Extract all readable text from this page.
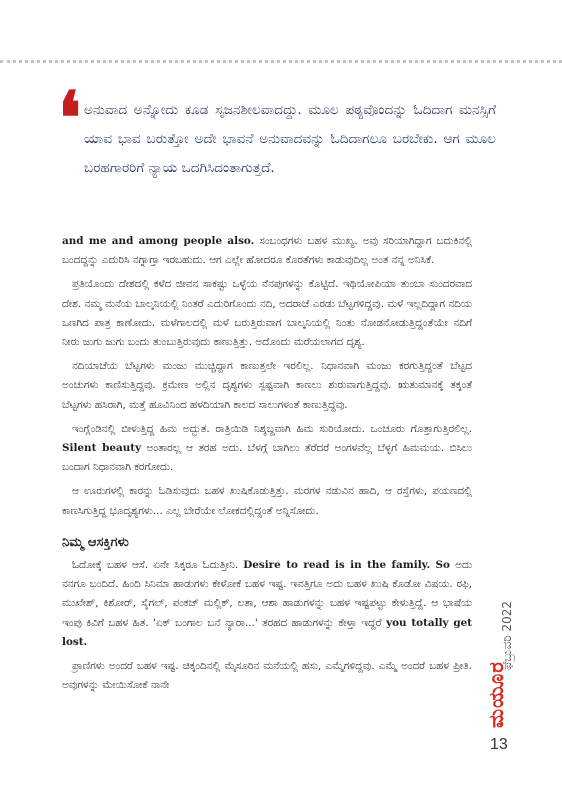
❛ ಅನುವಾದ ಅನ್ನೋದು ಕೂಡ ಸೃಜನಶೀಲವಾದದ್ದು. ಮೂಲ ಪಠ್ಯವೊಂದನ್ನು ಓದಿದಾಗ ಮನಸ್ಸಿಗೆ ಯಾವ ಭಾವ ಬರುತ್ತೋ ಅದೇ ಭಾವನೆ ಅನುವಾದವನ್ನು ಓದಿದಾಗಲೂ ಬರಬೇಕು. ಆಗ ಮೂಲ ಬರಹಗಾರರಿಗೆ ನ್ಯಾಯ ಒದಗಿಸಿದಂತಾಗುತ್ತದೆ.

and me and among people also. ಸಂಬಂಧಗಳು ಬಹಳ ಮುಖ್ಯ. ಅವು ಸರಿಯಾಗಿದ್ದಾಗ ಬದುಕಿನಲ್ಲಿ ಬಂದದ್ದನ್ನು ಎದುರಿಸಿ ನಗ್ನಾಗ್ತಾ ಇರಬಹುದು. ಆಗ ಎಲ್ಲೇ ಹೋದರೂ ಕೊರತೆಗಳು ಕಾಡುವುದಿಲ್ಲ ಅಂತ ನನ್ನ ಅನಿಸಿಕೆ.

ಪ್ರತಿಯೊಂದು ದೇಶದಲ್ಲಿ ಕಳೆದ ಜೀವನ ಸಾಕಷ್ಟು ಒಳ್ಳೆಯ ನೆನಪುಗಳನ್ನು ಕೊಟ್ಟಿದೆ. ಇಥಿಯೋಪಿಯಾ ತುಂಬಾ ಸುಂದರವಾದ ದೇಶ. ನಮ್ಮ ಮನೆಯ ಬಾಲ್ಕನಿಯಲ್ಲಿ ನಿಂತರೆ ಎದುರಿಗೊಂದು ನದಿ, ಅದರಾಚೆ ಎರಡು ಬೆಟ್ಟಗಳಿದ್ದವು. ಮಳೆ ಇಲ್ಲದಿದ್ದಾಗ ನದಿಯ ಒಣಗಿದ ಪಾತ್ರ ಕಾಣೋದು. ಮಳೆಗಾಲದಲ್ಲಿ ಮಳೆ ಬರುತ್ತಿರುವಾಗ ಬಾಲ್ಕನಿಯಲ್ಲಿ ನಿಂತು ನೋಡನೋಡುತ್ತಿದ್ದಂತೆಯೇ ನದಿಗೆ ನೀರು ಜುಗು ಜುಗು ಬಂದು ತುಂಬುತ್ತಿರುವುದು ಕಾಣುತ್ತಿತ್ತು. ಅದೊಂದು ಮರೆಯಲಾಗದ ದೃಶ್ಯ.

ನದಿಯಾಚೆಯ ಬೆಟ್ಟಗಳು ಮಂಜು ಮುಚ್ಚಿದ್ದಾಗ ಕಾಣುತ್ತಲೇ ಇರಲಿಲ್ಲ. ನಿಧಾನವಾಗಿ ಮಂಜು ಕರಗುತ್ತಿದ್ದಂತೆ ಬೆಟ್ಟದ ಅಂಚುಗಳು ಕಾಣಿಸುತ್ತಿದ್ದವು. ಕ್ರಮೇಣ ಅಲ್ಲಿನ ದೃಶ್ಯಗಳು ಸ್ಪಷ್ಟವಾಗಿ ಕಾಣಲು ಶುರುವಾಗುತ್ತಿದ್ದವು. ಋತುಮಾನಕ್ಕೆ ತಕ್ಕಂತೆ ಬೆಟ್ಟಗಳು ಹಸಿರಾಗಿ, ಮತ್ತೆ ಹೂವಿನಿಂದ ಹಳದಿಯಾಗಿ ಕಾಲದ ಸಾಲುಗಳಂತೆ ಕಾಣುತ್ತಿದ್ದವು.

ಇಂಗ್ಲೆಂಡಿನಲ್ಲಿ ಬೀಳುತ್ತಿದ್ದ ಹಿಮ ಅದ್ಭುತ. ರಾತ್ರಿಯಿಡಿ ನಿಶ್ಶಬ್ದವಾಗಿ ಹಿಮ ಸುರಿಯೋದು. ಒಂಚೂರು ಗೊತ್ತಾಗುತ್ತಿರಲಿಲ್ಲ. Silent beauty ಅಂತಾರಲ್ಲ ಆ ತರಹ ಅದು. ಬೆಳಗ್ಗೆ ಬಾಗಿಲು ತೆರೆದರೆ ಅಂಗಳವೆಲ್ಲ ಬೆಳ್ಳಗೆ ಹಿಮಮಯ. ಬಿಸಿಲು ಬಂದಾಗ ನಿಧಾನವಾಗಿ ಕರಗೋದು.

ಆ ಊರುಗಳಲ್ಲಿ ಕಾರನ್ನು ಓಡಿಸುವುದು ಬಹಳ ಖುಷಿಕೊಡುತ್ತಿತ್ತು. ಮರಗಳ ನಡುವಿನ ಹಾದಿ, ಆ ರಸ್ತೆಗಳು, ಪಯಣದಲ್ಲಿ ಕಾಣಸಿಗುತ್ತಿದ್ದ ಭೂದೃಶ್ಯಗಳು... ಎಲ್ಲ ಬೇರೆಯೇ ಲೋಕದಲ್ಲಿದ್ದಂತೆ ಅನ್ನಿಸೋದು.

ನಿಮ್ಮ ಆಸಕ್ತಿಗಳು

ಓದೋಕ್ಕೆ ಬಹಳ ಆಸೆ. ಏನೇ ಸಿಕ್ಕರೂ ಓದುತ್ತೀನಿ. Desire to read is in the family. So ಅದು ನನಗೂ ಬಂದಿದೆ. ಹಿಂದಿ ಸಿನಿಮಾ ಹಾಡುಗಳು ಕೇಳೋಕೆ ಬಹಳ ಇಷ್ಟ. ಇವತ್ತಿಗೂ ಅದು ಬಹಳ ಖುಷಿ ಕೊಡೋ ವಿಷಯ. ರಫಿ, ಮುಖೇಶ್, ಕಿಶೋರ್, ಸೈಗಲ್, ಪಂಕಜ್ ಮಲ್ಲಿಕ್, ಲತಾ, ಆಶಾ ಹಾಡುಗಳನ್ನು ಬಹಳ ಇಷ್ಟಪಟ್ಟು ಕೇಳುತ್ತಿದ್ದೆ. ಆ ಭಾಷೆಯ ಇಂಪು ಕಿವಿಗೆ ಬಹಳ ಹಿತ. 'ಏಕ್ ಬಂಗಾಲ ಬನೆ ನ್ಯಾರಾ...' ತರಹದ ಹಾಡುಗಳನ್ನು ಕೇಳ್ತಾ ಇದ್ದರೆ you totally get lost.

ಪ್ರಾಣಿಗಳು ಅಂದರೆ ಬಹಳ ಇಷ್ಟ. ಚಿಕ್ಕಂದಿನಲ್ಲಿ ಮೈಸೂರಿನ ಮನೆಯಲ್ಲಿ ಹಸು, ಎಮ್ಮೆಗಳಿದ್ದವು. ಎಮ್ಮೆ ಅಂದರೆ ಬಹಳ ಪ್ರೀತಿ. ಅವುಗಳನ್ನು ಮೇಯಿಸೋಕೆ ನಾನೇ

ಫೆಬ್ರುವರಿ 2022
ಮಯೂರ
13
